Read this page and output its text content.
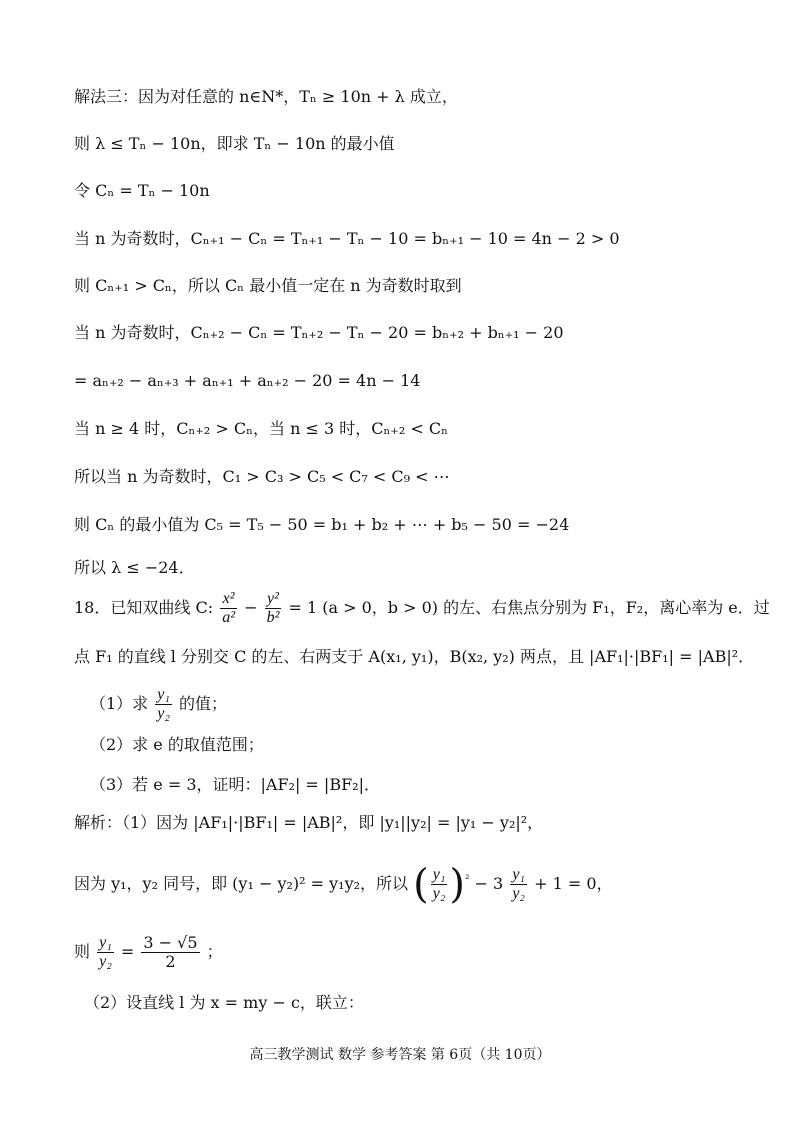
解法三：因为对任意的 n∈N*，Tₙ ≥ 10n + λ 成立，
则 λ ≤ Tₙ − 10n，即求 Tₙ − 10n 的最小值
令 Cₙ = Tₙ − 10n
当 n 为奇数时，Cₙ₊₁ − Cₙ = Tₙ₊₁ − Tₙ − 10 = bₙ₊₁ − 10 = 4n − 2 > 0
则 Cₙ₊₁ > Cₙ，所以 Cₙ 最小值一定在 n 为奇数时取到
当 n 为奇数时，Cₙ₊₂ − Cₙ = Tₙ₊₂ − Tₙ − 20 = bₙ₊₂ + bₙ₊₁ − 20
= aₙ₊₂ − aₙ₊₃ + aₙ₊₁ + aₙ₊₂ − 20 = 4n − 14
当 n ≥ 4 时，Cₙ₊₂ > Cₙ，当 n ≤ 3 时，Cₙ₊₂ < Cₙ
所以当 n 为奇数时，C₁ > C₃ > C₅ < C₇ < C₉ < ⋯
则 Cₙ 的最小值为 C₅ = T₅ − 50 = b₁ + b₂ + ⋯ + b₅ − 50 = −24
所以 λ ≤ −24．
18．已知双曲线 C: $\frac{\text{x²}}{\text{a²}} - \frac{\text{y²}}{\text{b²}} = 1$ (a > 0，b > 0) 的左、右焦点分别为 F₁，F₂，离心率为 e．过
点 F₁ 的直线 l 分别交 C 的左、右两支于 A(x₁, y₁)，B(x₂, y₂) 两点，且 |AF₁|·|BF₁| = |AB|²．
（1）求 $\frac{\text{y₁}}{\text{y₂}}$ 的值；
（2）求 e 的取值范围；
（3）若 e = 3，证明：|AF₂| = |BF₂|．
解析：（1）因为 |AF₁|·|BF₁| = |AB|²，即 |y₁||y₂| = |y₁ − y₂|²，
因为 y₁，y₂ 同号，即 (y₁ − y₂)² = y₁y₂，所以 ( $\frac{\text{y₁}}{\text{y₂}} )^{^2} - 3 \frac{\text{y₁}}{\text{y₂}} + 1 = 0$，
则 $\frac{\text{y₁}}{\text{y₂}} = \frac{3 - √5}{2}$ ；
（2）设直线 l 为 x = my − c，联立：
高三教学测试 数学 参考答案 第 6页（共 10页）
